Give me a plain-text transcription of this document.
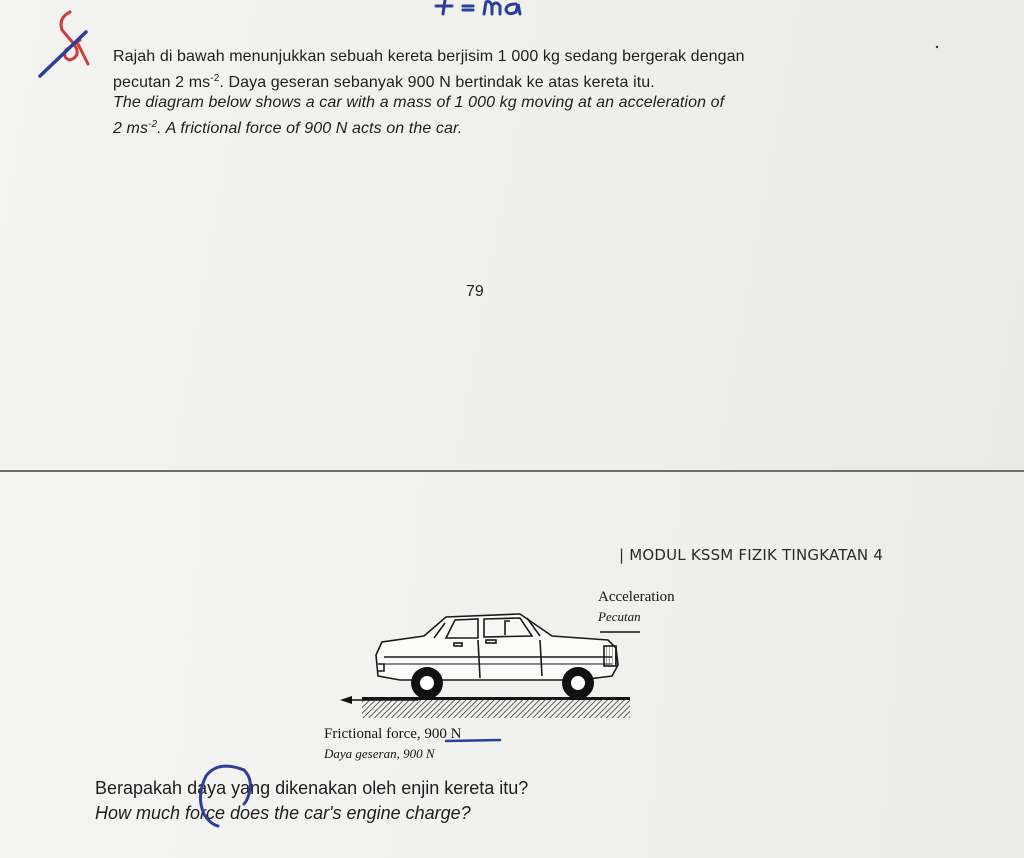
Rajah di bawah menunjukkan sebuah kereta berjisim 1 000 kg sedang bergerak dengan

pecutan 2 $ms^{-2}$. Daya geseran sebanyak 900 N bertindak ke atas kereta itu.

The diagram below shows a car with a mass of 1 000 kg moving at an acceleration of

2 $ms^{-2}$. A frictional force of 900 N acts on the car.

79
| MODUL KSSM FIZIK TINGKATAN 4
Acceleration
Pecutan
Frictional force, 900 N
Daya geseran, 900 N
Berapakah daya yang dikenakan oleh enjin kereta itu?
How much force does the car's engine charge?
